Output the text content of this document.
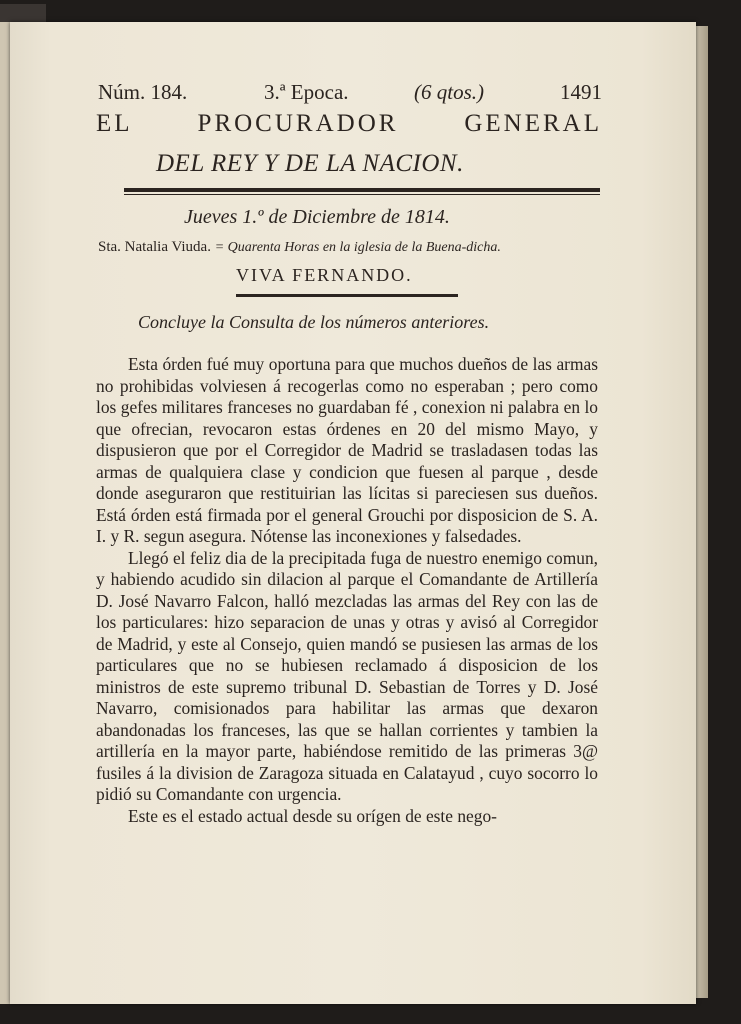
Núm. 184.	3.ª Epoca.	(6 qtos.)	1491
EL PROCURADOR GENERAL
DEL REY Y DE LA NACION.
Jueves 1.º de Diciembre de 1814.
Sta. Natalia Viuda. = Quarenta Horas en la iglesia de la Buena-dicha.
VIVA FERNANDO.
Concluye la Consulta de los números anteriores.

Esta órden fué muy oportuna para que muchos dueños de las armas no prohibidas volviesen á recogerlas como no esperaban ; pero como los gefes militares franceses no guardaban fé , conexion ni palabra en lo que ofrecian, revocaron estas órdenes en 20 del mismo Mayo, y dispusieron que por el Corregidor de Madrid se trasladasen todas las armas de qualquiera clase y condicion que fuesen al parque , desde donde aseguraron que restituirian las lícitas si pareciesen sus dueños. Está órden está firmada por el general Grouchi por disposicion de S. A. I. y R. segun asegura. Nótense las inconexiones y falsedades.

Llegó el feliz dia de la precipitada fuga de nuestro enemigo comun, y habiendo acudido sin dilacion al parque el Comandante de Artillería D. José Navarro Falcon, halló mezcladas las armas del Rey con las de los particulares: hizo separacion de unas y otras y avisó al Corregidor de Madrid, y este al Consejo, quien mandó se pusiesen las armas de los particulares que no se hubiesen reclamado á disposicion de los ministros de este supremo tribunal D. Sebastian de Torres y D. José Navarro, comisionados para habilitar las armas que dexaron abandonadas los franceses, las que se hallan corrientes y tambien la artillería en la mayor parte, habiéndose remitido de las primeras 3@ fusiles á la division de Zaragoza situada en Calatayud , cuyo socorro lo pidió su Comandante con urgencia.

Este es el estado actual desde su orígen de este nego-
